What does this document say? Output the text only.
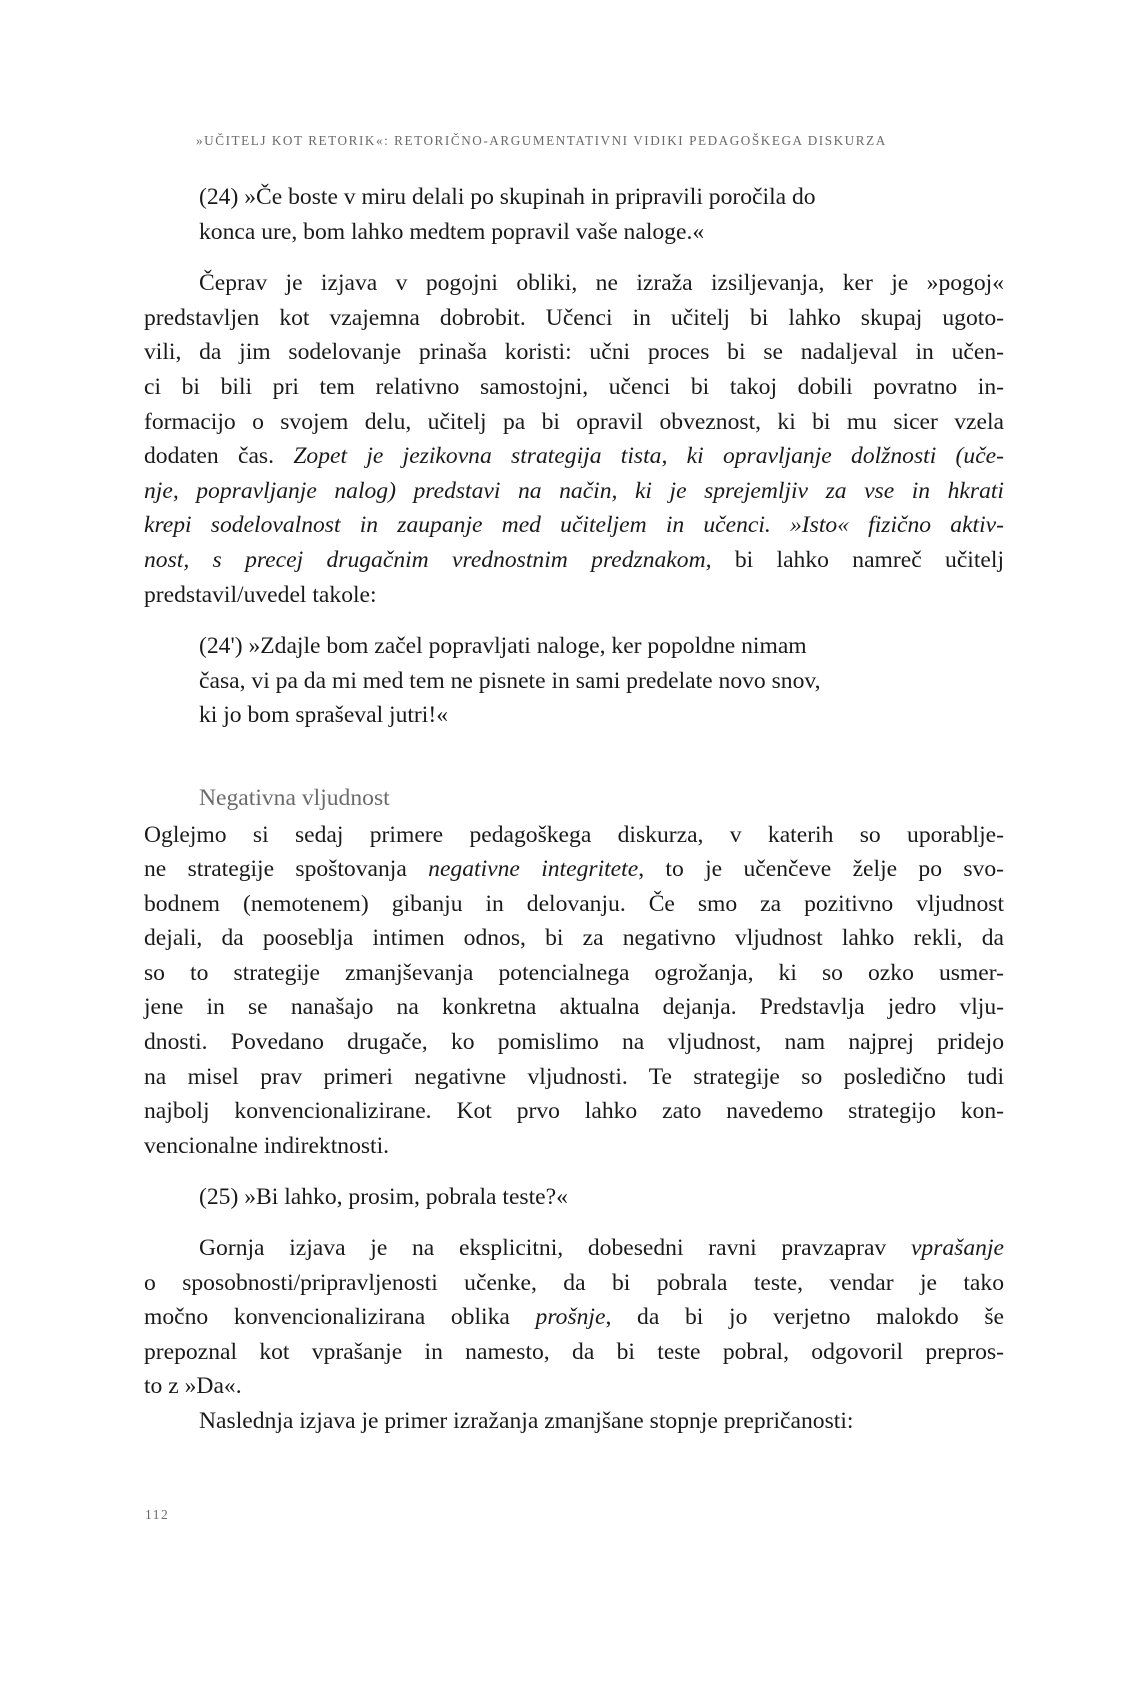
»UČITELJ KOT RETORIK«: RETORIČNO-ARGUMENTATIVNI VIDIKI PEDAGOŠKEGA DISKURZA

(24) »Če boste v miru delali po skupinah in pripravili poročila do
konca ure, bom lahko medtem popravil vaše naloge.«

Čeprav je izjava v pogojni obliki, ne izraža izsiljevanja, ker je »pogoj«
predstavljen kot vzajemna dobrobit. Učenci in učitelj bi lahko skupaj ugoto-
vili, da jim sodelovanje prinaša koristi: učni proces bi se nadaljeval in učen-
ci bi bili pri tem relativno samostojni, učenci bi takoj dobili povratno in-
formacijo o svojem delu, učitelj pa bi opravil obveznost, ki bi mu sicer vzela
dodaten čas. Zopet je jezikovna strategija tista, ki opravljanje dolžnosti (uče-
nje, popravljanje nalog) predstavi na način, ki je sprejemljiv za vse in hkrati
krepi sodelovalnost in zaupanje med učiteljem in učenci. »Isto« fizično aktiv-
nost, s precej drugačnim vrednostnim predznakom, bi lahko namreč učitelj
predstavil/uvedel takole:

(24') »Zdajle bom začel popravljati naloge, ker popoldne nimam
časa, vi pa da mi med tem ne pisnete in sami predelate novo snov,
ki jo bom spraševal jutri!«

Negativna vljudnost

Oglejmo si sedaj primere pedagoškega diskurza, v katerih so uporablje-
ne strategije spoštovanja negativne integritete, to je učenčeve želje po svo-
bodnem (nemotenem) gibanju in delovanju. Če smo za pozitivno vljudnost
dejali, da pooseblja intimen odnos, bi za negativno vljudnost lahko rekli, da
so to strategije zmanjševanja potencialnega ogrožanja, ki so ozko usmer-
jene in se nanašajo na konkretna aktualna dejanja. Predstavlja jedro vlju-
dnosti. Povedano drugače, ko pomislimo na vljudnost, nam najprej pridejo
na misel prav primeri negativne vljudnosti. Te strategije so posledično tudi
najbolj konvencionalizirane. Kot prvo lahko zato navedemo strategijo kon-
vencionalne indirektnosti.

(25) »Bi lahko, prosim, pobrala teste?«

Gornja izjava je na eksplicitni, dobesedni ravni pravzaprav vprašanje
o sposobnosti/pripravljenosti učenke, da bi pobrala teste, vendar je tako
močno konvencionalizirana oblika prošnje, da bi jo verjetno malokdo še
prepoznal kot vprašanje in namesto, da bi teste pobral, odgovoril prepros-
to z »Da«.

Naslednja izjava je primer izražanja zmanjšane stopnje prepričanosti:

112
